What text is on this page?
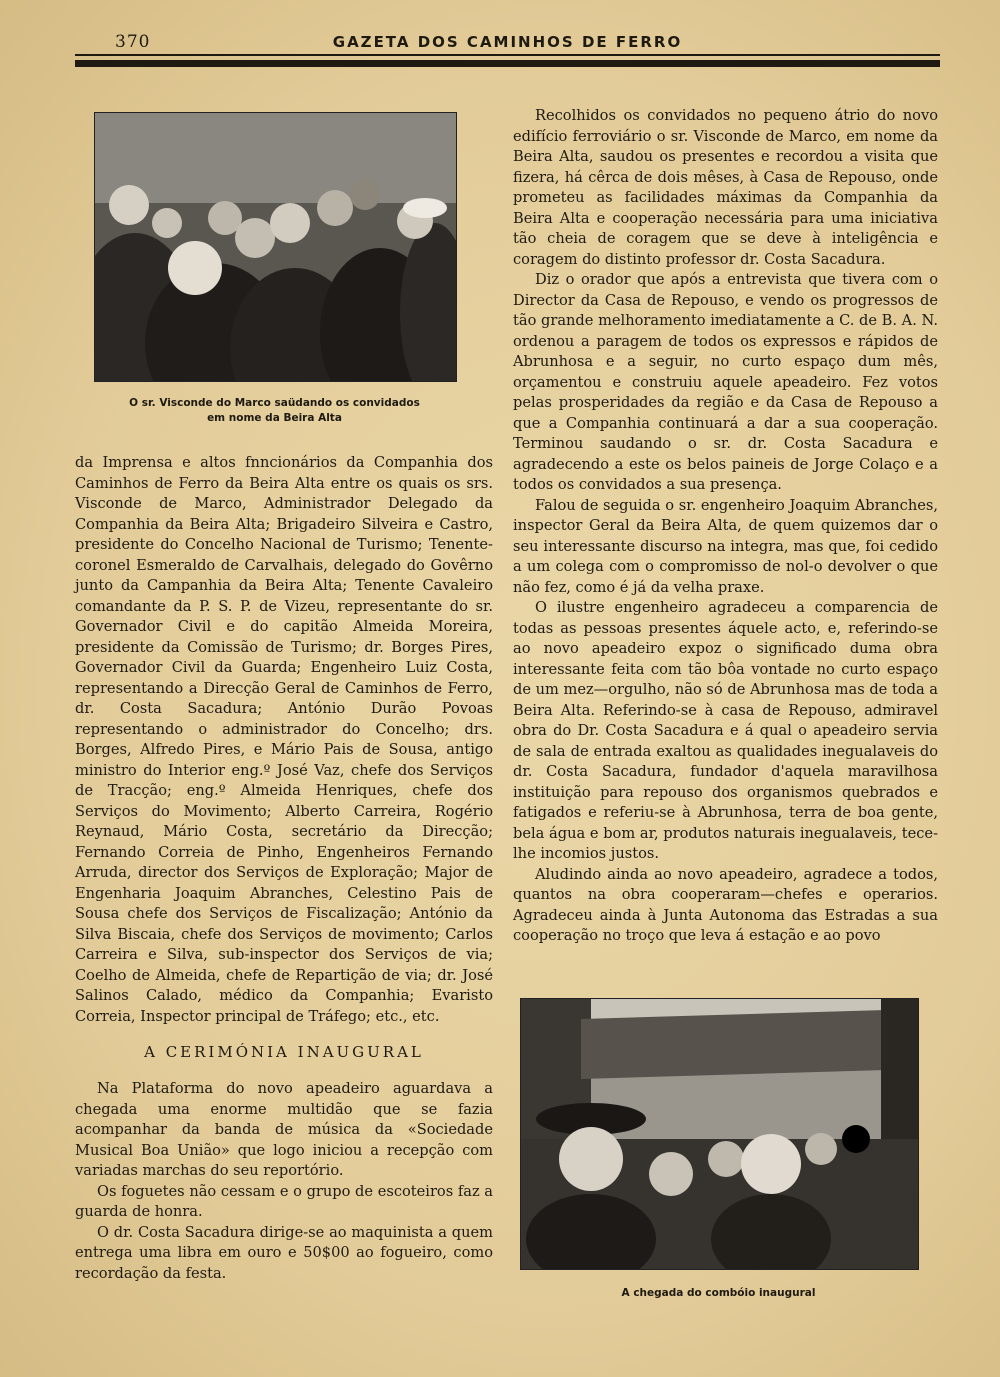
370	GAZETA DOS CAMINHOS DE FERRO
O sr. Visconde do Marco saüdando os convidados
em nome da Beira Alta

da Imprensa e altos fnncionários da Companhia dos Caminhos de Ferro da Beira Alta entre os quais os srs. Visconde de Marco, Administrador Delegado da Companhia da Beira Alta; Brigadeiro Silveira e Castro, presidente do Concelho Nacional de Turismo; Tenente-coronel Esmeraldo de Carvalhais, delegado do Govêrno junto da Campanhia da Beira Alta; Tenente Cavaleiro comandante da P. S. P. de Vizeu, representante do sr. Governador Civil e do capitão Almeida Moreira, presidente da Comissão de Turismo; dr. Borges Pires, Governador Civil da Guarda; Engenheiro Luiz Costa, representando a Direcção Geral de Caminhos de Ferro, dr. Costa Sacadura; António Durão Povoas representando o administrador do Concelho; drs. Borges, Alfredo Pires, e Mário Pais de Sousa, antigo ministro do Interior eng.º José Vaz, chefe dos Serviços de Tracção; eng.º Almeida Henriques, chefe dos Serviços do Movimento; Alberto Carreira, Rogério Reynaud, Mário Costa, secretário da Direcção; Fernando Correia de Pinho, Engenheiros Fernando Arruda, director dos Serviços de Exploração; Major de Engenharia Joaquim Abranches, Celestino Pais de Sousa chefe dos Serviços de Fiscalização; António da Silva Biscaia, chefe dos Serviços de movimento; Carlos Carreira e Silva, sub-inspector dos Serviços de via; Coelho de Almeida, chefe de Repartição de via; dr. José Salinos Calado, médico da Companhia; Evaristo Correia, Inspector principal de Tráfego; etc., etc.

A CERIMÓNIA INAUGURAL

Na Plataforma do novo apeadeiro aguardava a chegada uma enorme multidão que se fazia acompanhar da banda de música da «Sociedade Musical Boa União» que logo iniciou a recepção com variadas marchas do seu reportório.

Os foguetes não cessam e o grupo de escoteiros faz a guarda de honra.

O dr. Costa Sacadura dirige-se ao maquinista a quem entrega uma libra em ouro e 50$00 ao fogueiro, como recordação da festa.

Recolhidos os convidados no pequeno átrio do novo edifício ferroviário o sr. Visconde de Marco, em nome da Beira Alta, saudou os presentes e recordou a visita que fizera, há cêrca de dois mêses, à Casa de Repouso, onde prometeu as facilidades máximas da Companhia da Beira Alta e cooperação necessária para uma iniciativa tão cheia de coragem que se deve à inteligência e coragem do distinto professor dr. Costa Sacadura.

Diz o orador que após a entrevista que tivera com o Director da Casa de Repouso, e vendo os progressos de tão grande melhoramento imediatamente a C. de B. A. N. ordenou a paragem de todos os expressos e rápidos de Abrunhosa e a seguir, no curto espaço dum mês, orçamentou e construiu aquele apeadeiro. Fez votos pelas prosperidades da região e da Casa de Repouso a que a Companhia continuará a dar a sua cooperação. Terminou saudando o sr. dr. Costa Sacadura e agradecendo a este os belos paineis de Jorge Colaço e a todos os convidados a sua presença.

Falou de seguida o sr. engenheiro Joaquim Abranches, inspector Geral da Beira Alta, de quem quizemos dar o seu interessante discurso na integra, mas que, foi cedido a um colega com o compromisso de nol-o devolver o que não fez, como é já da velha praxe.

O ilustre engenheiro agradeceu a comparencia de todas as pessoas presentes áquele acto, e, referindo-se ao novo apeadeiro expoz o significado duma obra interessante feita com tão bôa vontade no curto espaço de um mez—orgulho, não só de Abrunhosa mas de toda a Beira Alta. Referindo-se à casa de Repouso, admiravel obra do Dr. Costa Sacadura e á qual o apeadeiro servia de sala de entrada exaltou as qualidades inegualaveis do dr. Costa Sacadura, fundador d'aquela maravilhosa instituição para repouso dos organismos quebrados e fatigados e referiu-se à Abrunhosa, terra de boa gente, bela água e bom ar, produtos naturais inegualaveis, tece-lhe incomios justos.

Aludindo ainda ao novo apeadeiro, agradece a todos, quantos na obra cooperaram—chefes e operarios. Agradeceu ainda à Junta Autonoma das Estradas a sua cooperação no troço que leva á estação e ao povo

A chegada do combóio inaugural
